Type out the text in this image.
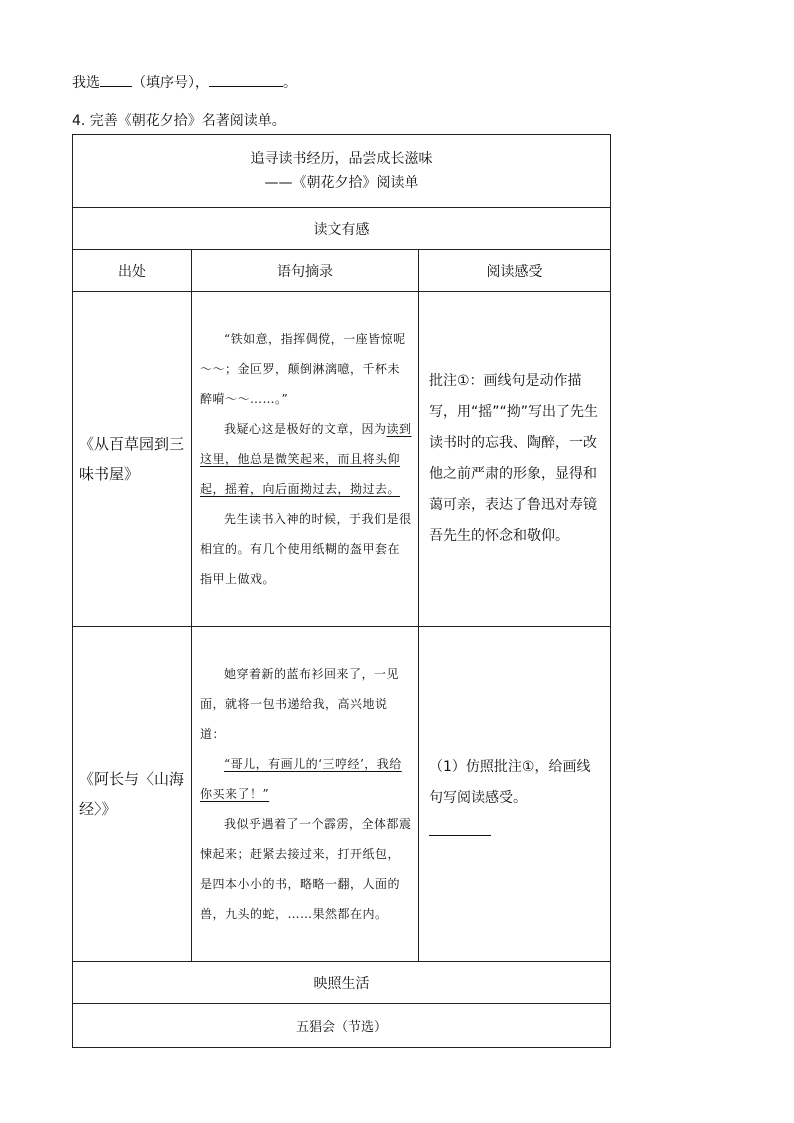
我选 （填序号），	。
4. 完善《朝花夕拾》名著阅读单。
追寻读书经历，品尝成长滋味
——《朝花夕拾》阅读单		

读文有感		
出处	语句摘录	阅读感受
《从百草园到三味书屋》	“铁如意，指挥倜傥，一座皆惊呢～～；金叵罗，颠倒淋漓噫，千杯未醉嗬～～……。”

我疑心这是极好的文章，因为读到这里，他总是微笑起来，而且将头仰起，摇着，向后面拗过去，拗过去。

先生读书入神的时候，于我们是很相宜的。有几个使用纸糊的盔甲套在指甲上做戏。	批注①：画线句是动作描写，用“摇”“拗”写出了先生读书时的忘我、陶醉，一改他之前严肃的形象，显得和蔼可亲，表达了鲁迅对寿镜吾先生的怀念和敬仰。
《阿长与〈山海经〉》	她穿着新的蓝布衫回来了，一见面，就将一包书递给我，高兴地说道：

“哥儿，有画儿的‘三哼经’，我给你买来了！”

我似乎遇着了一个霹雳，全体都震悚起来；赶紧去接过来，打开纸包，是四本小小的书，略略一翻，人面的兽，九头的蛇，……果然都在内。	（1）仿照批注①，给画线句写阅读感受。

映照生活		
五猖会（节选）		
